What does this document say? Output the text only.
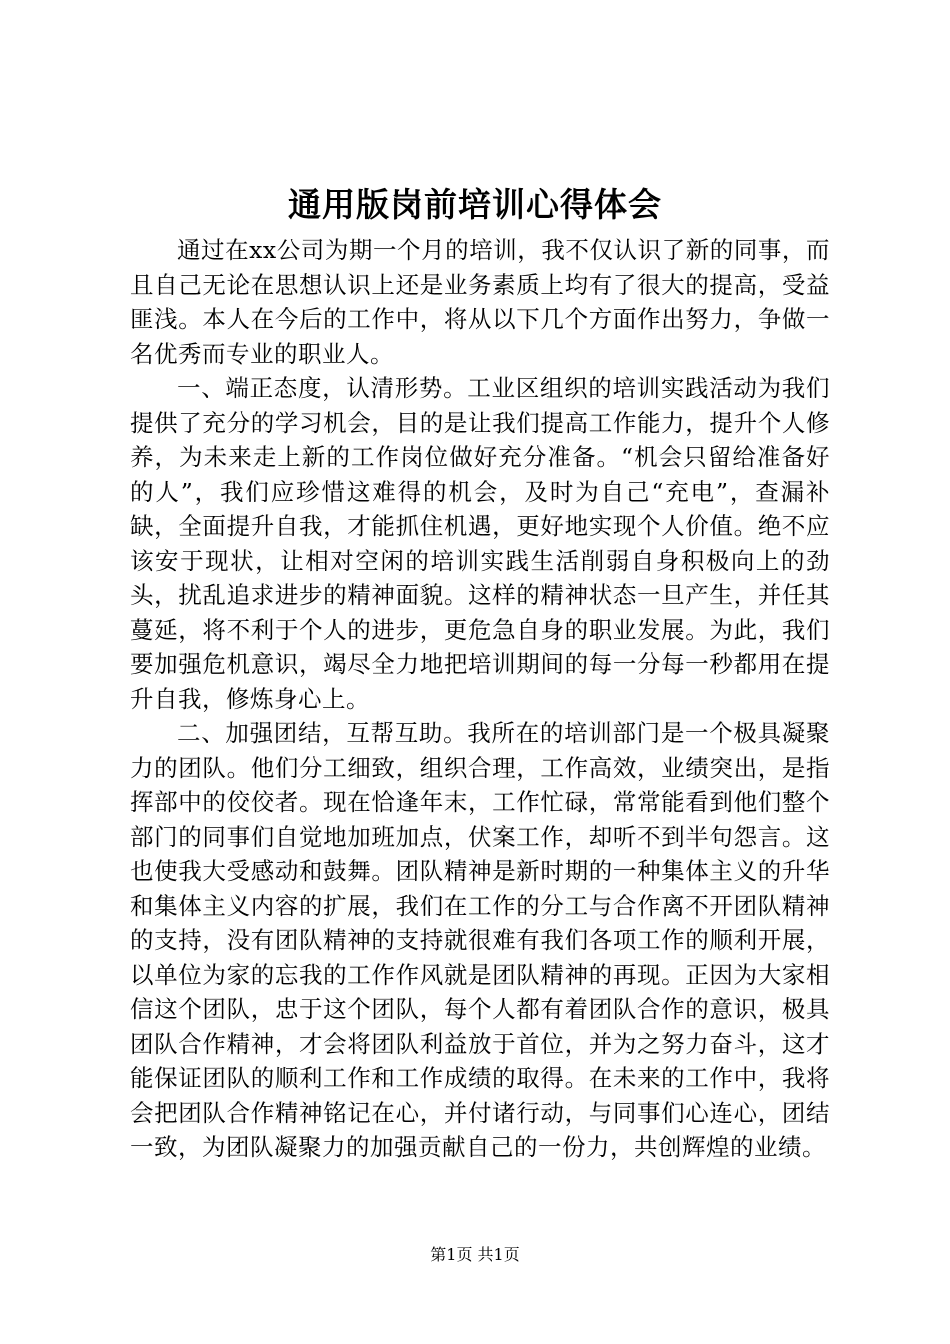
通用版岗前培训心得体会

通过在xx公司为期一个月的培训，我不仅认识了新的同事，而且自己无论在思想认识上还是业务素质上均有了很大的提高，受益匪浅。本人在今后的工作中，将从以下几个方面作出努力，争做一名优秀而专业的职业人。

一、端正态度，认清形势。工业区组织的培训实践活动为我们提供了充分的学习机会，目的是让我们提高工作能力，提升个人修养，为未来走上新的工作岗位做好充分准备。“机会只留给准备好的人”，我们应珍惜这难得的机会，及时为自己“充电”，查漏补缺，全面提升自我，才能抓住机遇，更好地实现个人价值。绝不应该安于现状，让相对空闲的培训实践生活削弱自身积极向上的劲头，扰乱追求进步的精神面貌。这样的精神状态一旦产生，并任其蔓延，将不利于个人的进步，更危急自身的职业发展。为此，我们要加强危机意识，竭尽全力地把培训期间的每一分每一秒都用在提升自我，修炼身心上。

二、加强团结，互帮互助。我所在的培训部门是一个极具凝聚力的团队。他们分工细致，组织合理，工作高效，业绩突出，是指挥部中的佼佼者。现在恰逢年末，工作忙碌，常常能看到他们整个部门的同事们自觉地加班加点，伏案工作，却听不到半句怨言。这也使我大受感动和鼓舞。团队精神是新时期的一种集体主义的升华和集体主义内容的扩展，我们在工作的分工与合作离不开团队精神的支持，没有团队精神的支持就很难有我们各项工作的顺利开展，以单位为家的忘我的工作作风就是团队精神的再现。正因为大家相信这个团队，忠于这个团队，每个人都有着团队合作的意识，极具团队合作精神，才会将团队利益放于首位，并为之努力奋斗，这才能保证团队的顺利工作和工作成绩的取得。在未来的工作中，我将会把团队合作精神铭记在心，并付诸行动，与同事们心连心，团结一致，为团队凝聚力的加强贡献自己的一份力，共创辉煌的业绩。

第1页 共1页
